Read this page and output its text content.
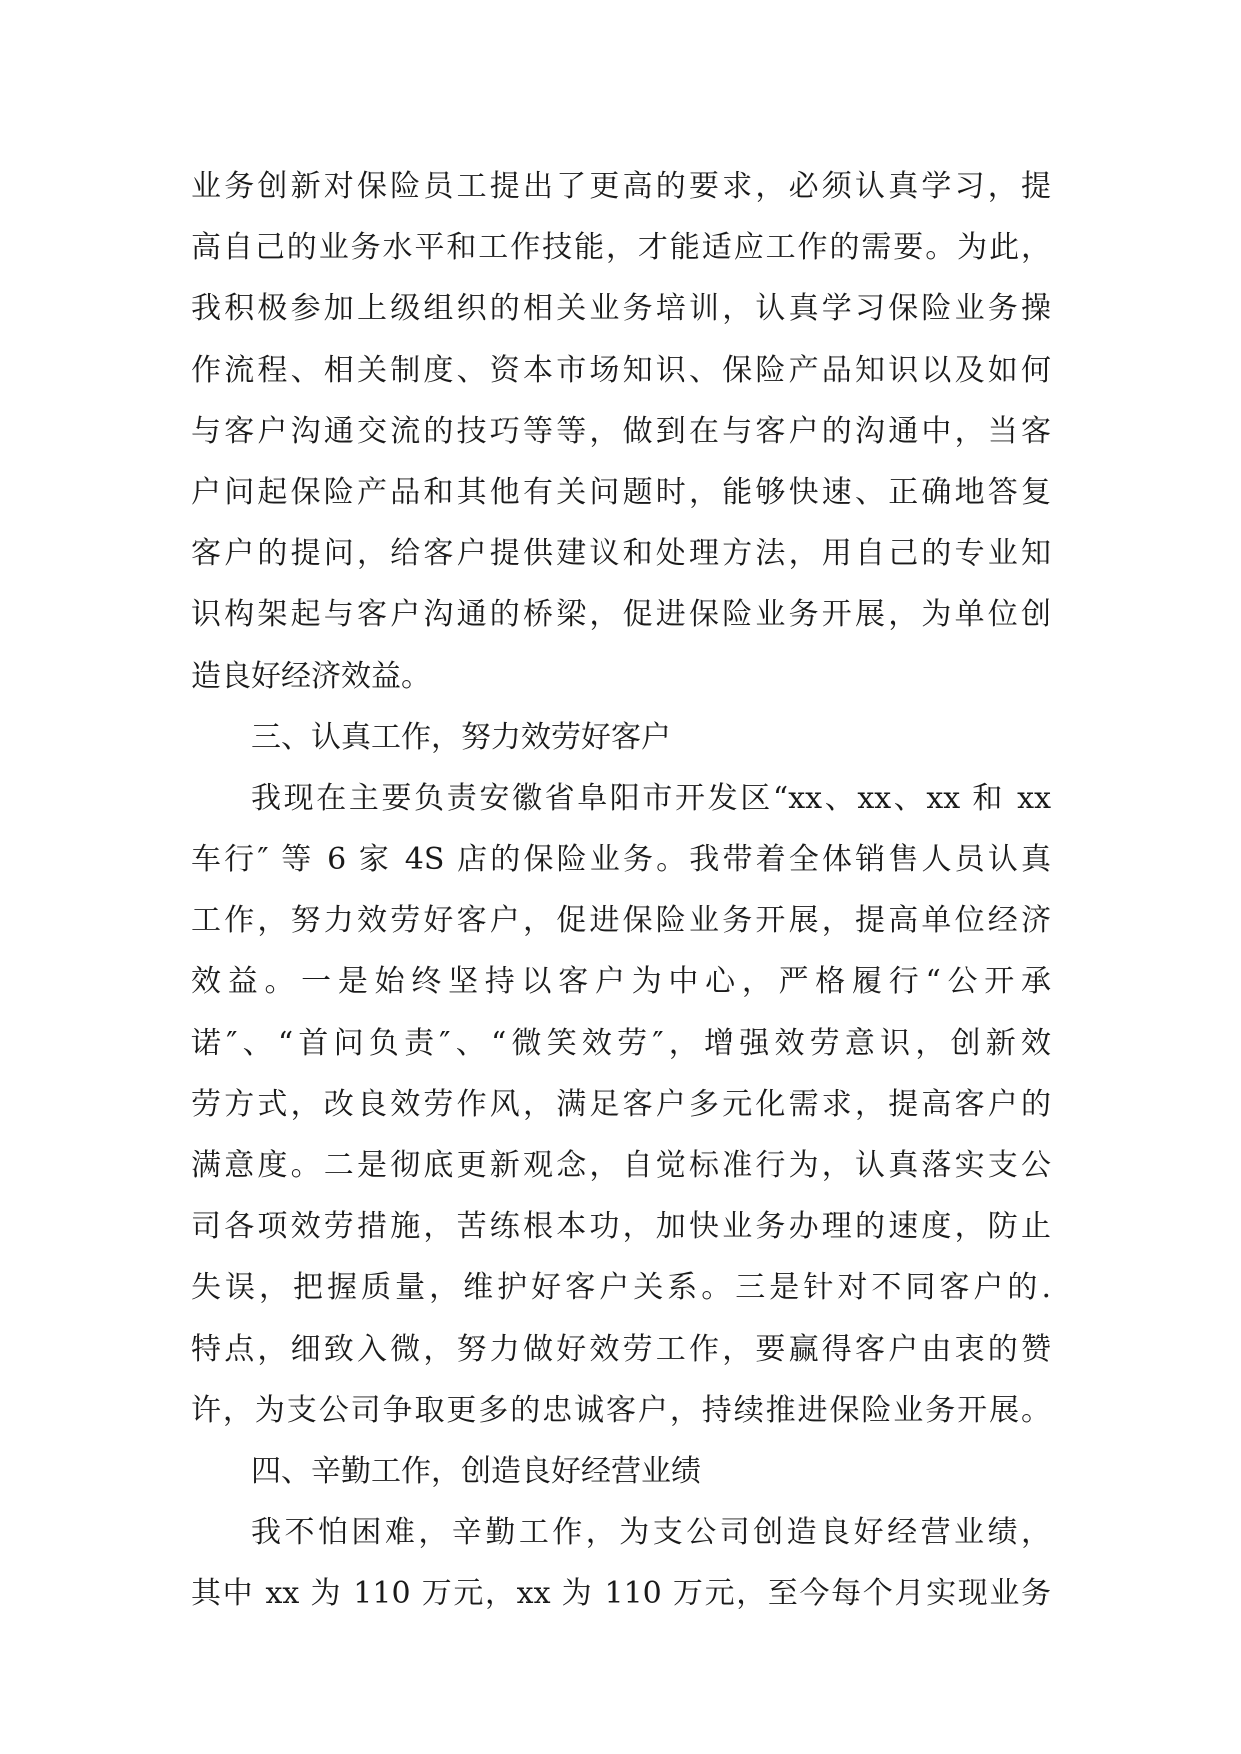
业务创新对保险员工提出了更高的要求，必须认真学习，提
高自己的业务水平和工作技能，才能适应工作的需要。为此，
我积极参加上级组织的相关业务培训，认真学习保险业务操
作流程、相关制度、资本市场知识、保险产品知识以及如何
与客户沟通交流的技巧等等，做到在与客户的沟通中，当客
户问起保险产品和其他有关问题时，能够快速、正确地答复
客户的提问，给客户提供建议和处理方法，用自己的专业知
识构架起与客户沟通的桥梁，促进保险业务开展，为单位创
造良好经济效益。
三、认真工作，努力效劳好客户
我现在主要负责安徽省阜阳市开发区“xx、xx、xx 和 xx
车行″ 等 6 家 4S 店的保险业务。我带着全体销售人员认真
工作，努力效劳好客户，促进保险业务开展，提高单位经济
效益。一是始终坚持以客户为中心，严格履行“公开承
诺″、“首问负责″、“微笑效劳″，增强效劳意识，创新效
劳方式，改良效劳作风，满足客户多元化需求，提高客户的
满意度。二是彻底更新观念，自觉标准行为，认真落实支公
司各项效劳措施，苦练根本功，加快业务办理的速度，防止
失误，把握质量，维护好客户关系。三是针对不同客户的.
特点，细致入微，努力做好效劳工作，要赢得客户由衷的赞
许，为支公司争取更多的忠诚客户，持续推进保险业务开展。
四、辛勤工作，创造良好经营业绩
我不怕困难，辛勤工作，为支公司创造良好经营业绩，
其中 xx 为 110 万元，xx 为 110 万元，至今每个月实现业务
